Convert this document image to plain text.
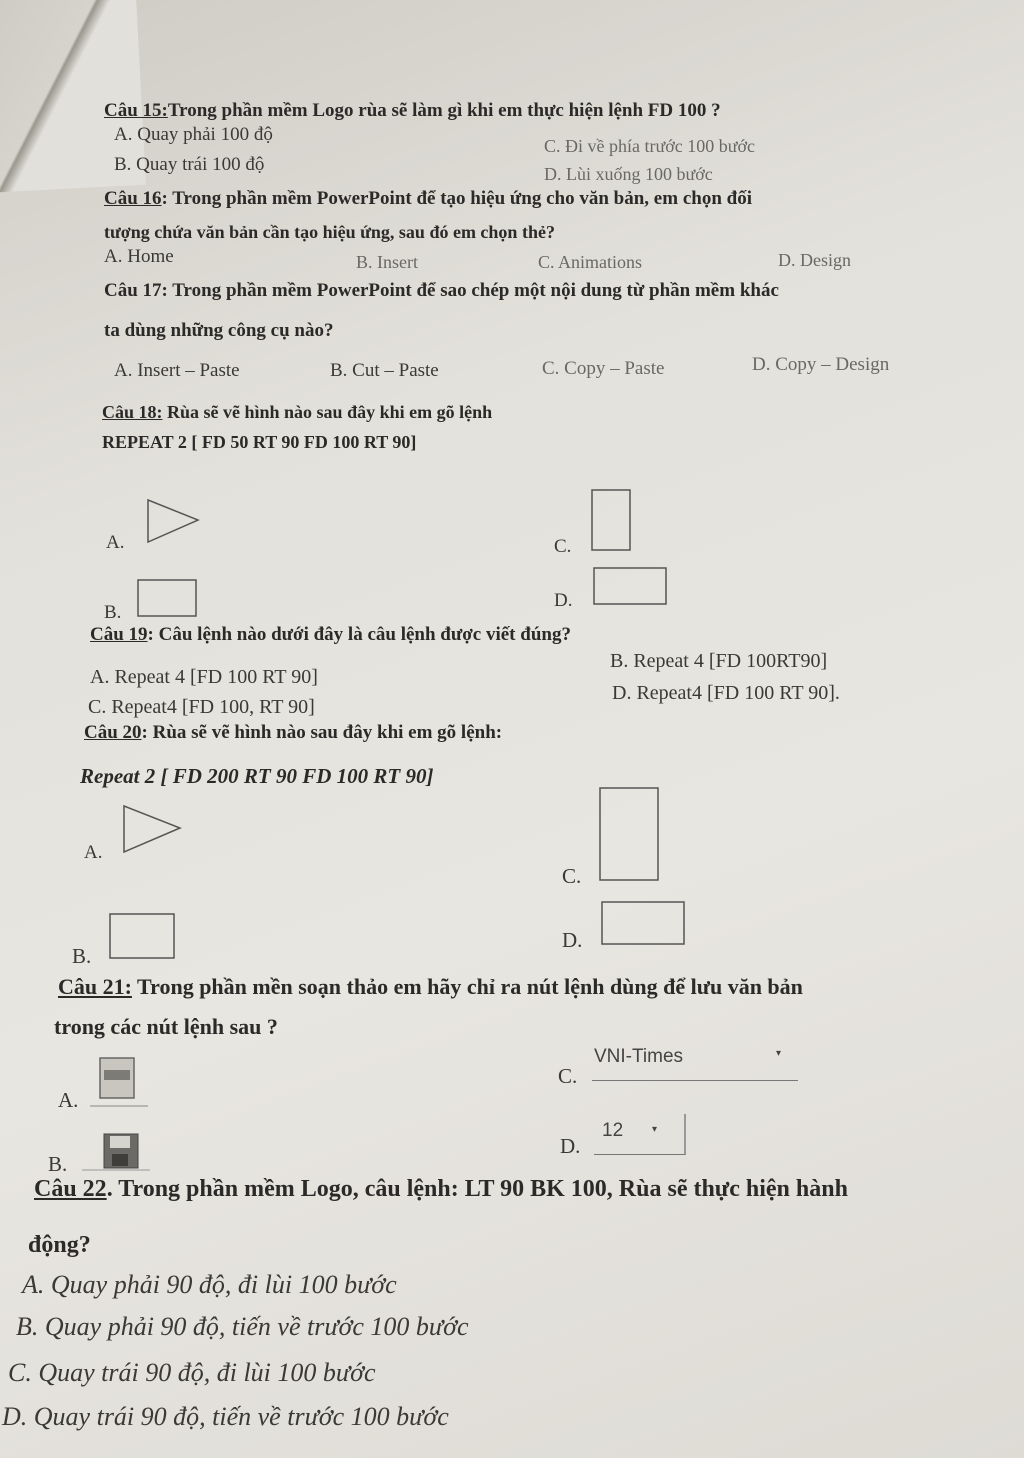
Câu 15:Trong phần mềm Logo rùa sẽ làm gì khi em thực hiện lệnh FD 100 ?
A. Quay phải 100 độ
B. Quay trái 100 độ
C. Đi về phía trước 100 bước
D. Lùi xuống 100 bước
Câu 16: Trong phần mềm PowerPoint để tạo hiệu ứng cho văn bản, em chọn đối
tượng chứa văn bản cần tạo hiệu ứng, sau đó em chọn thẻ?
A. Home	B. Insert	C. Animations	D. Design
Câu 17: Trong phần mềm PowerPoint để sao chép một nội dung từ phần mềm khác
ta dùng những công cụ nào?
A. Insert – Paste	B. Cut – Paste	C. Copy – Paste	D. Copy – Design
Câu 18: Rùa sẽ vẽ hình nào sau đây khi em gõ lệnh
REPEAT 2 [ FD 50 RT 90 FD 100 RT 90]
A.	C.
B.
D.
Câu 19: Câu lệnh nào dưới đây là câu lệnh được viết đúng?
A. Repeat 4 [FD 100 RT 90]
B. Repeat 4 [FD 100RT90]
C. Repeat4 [FD 100, RT 90]
D. Repeat4 [FD 100 RT 90].
Câu 20: Rùa sẽ vẽ hình nào sau đây khi em gõ lệnh:
Repeat 2 [ FD 200 RT 90 FD 100 RT 90]
A.
C.
B.
D.
Câu 21: Trong phần mền soạn thảo em hãy chỉ ra nút lệnh dùng để lưu văn bản
trong các nút lệnh sau ?
A.
B.
C.
VNI-Times	▾
D.
12	▾
Câu 22. Trong phần mềm Logo, câu lệnh: LT 90 BK 100, Rùa sẽ thực hiện hành
động?
A. Quay phải 90 độ, đi lùi 100 bước
B. Quay phải 90 độ, tiến về trước 100 bước
C. Quay trái 90 độ, đi lùi 100 bước
D. Quay trái 90 độ, tiến về trước 100 bước
